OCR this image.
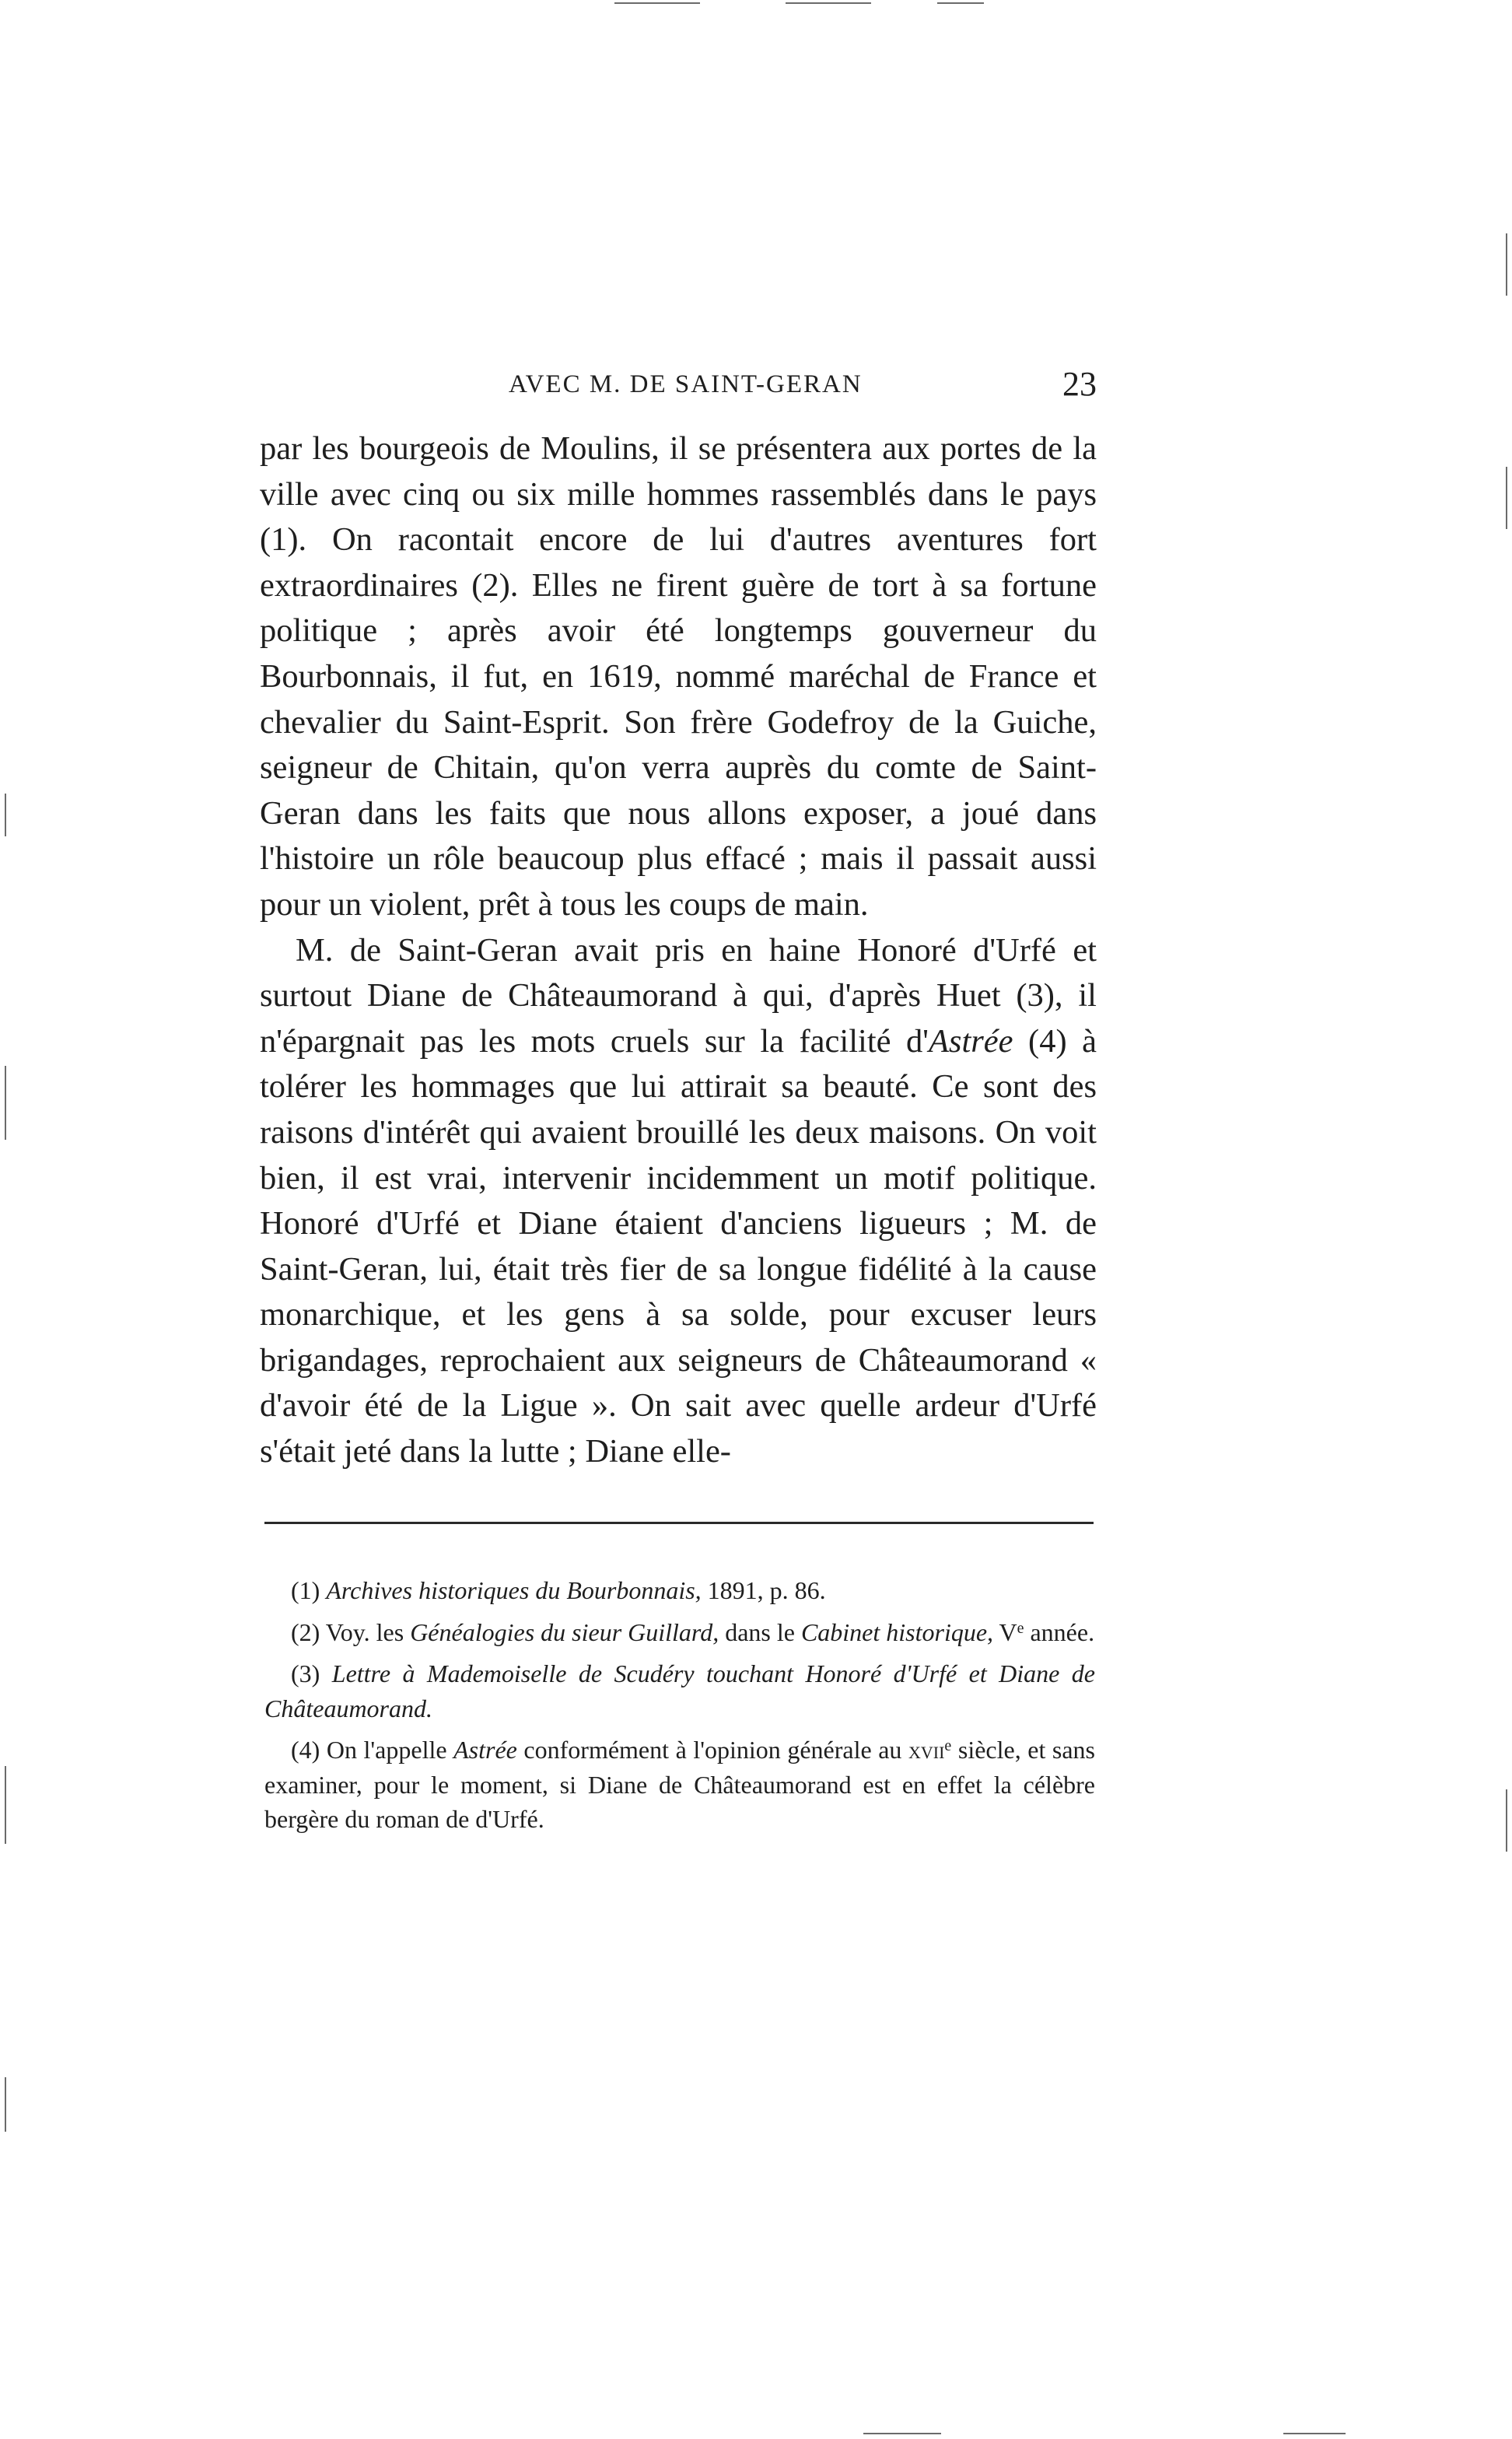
AVEC M. DE SAINT-GERAN	23

par les bourgeois de Moulins, il se présentera aux portes de la ville avec cinq ou six mille hommes rassemblés dans le pays (1). On racontait encore de lui d'autres aventures fort extraordinaires (2). Elles ne firent guère de tort à sa fortune politique ; après avoir été longtemps gouverneur du Bourbonnais, il fut, en 1619, nommé maréchal de France et chevalier du Saint-Esprit. Son frère Godefroy de la Guiche, seigneur de Chitain, qu'on verra auprès du comte de Saint-Geran dans les faits que nous allons exposer, a joué dans l'histoire un rôle beaucoup plus effacé ; mais il passait aussi pour un violent, prêt à tous les coups de main.

M. de Saint-Geran avait pris en haine Honoré d'Urfé et surtout Diane de Châteaumorand à qui, d'après Huet (3), il n'épargnait pas les mots cruels sur la facilité d'Astrée (4) à tolérer les hommages que lui attirait sa beauté. Ce sont des raisons d'intérêt qui avaient brouillé les deux maisons. On voit bien, il est vrai, intervenir incidemment un motif politique. Honoré d'Urfé et Diane étaient d'anciens ligueurs ; M. de Saint-Geran, lui, était très fier de sa longue fidélité à la cause monarchique, et les gens à sa solde, pour excuser leurs brigandages, reprochaient aux seigneurs de Châteaumorand « d'avoir été de la Ligue ». On sait avec quelle ardeur d'Urfé s'était jeté dans la lutte ; Diane elle-

(1) Archives historiques du Bourbonnais, 1891, p. 86.

(2) Voy. les Généalogies du sieur Guillard, dans le Cabinet historique, Ve année.

(3) Lettre à Mademoiselle de Scudéry touchant Honoré d'Urfé et Diane de Châteaumorand.

(4) On l'appelle Astrée conformément à l'opinion générale au xvii$^e$ siècle, et sans examiner, pour le moment, si Diane de Châteaumorand est en effet la célèbre bergère du roman de d'Urfé.
